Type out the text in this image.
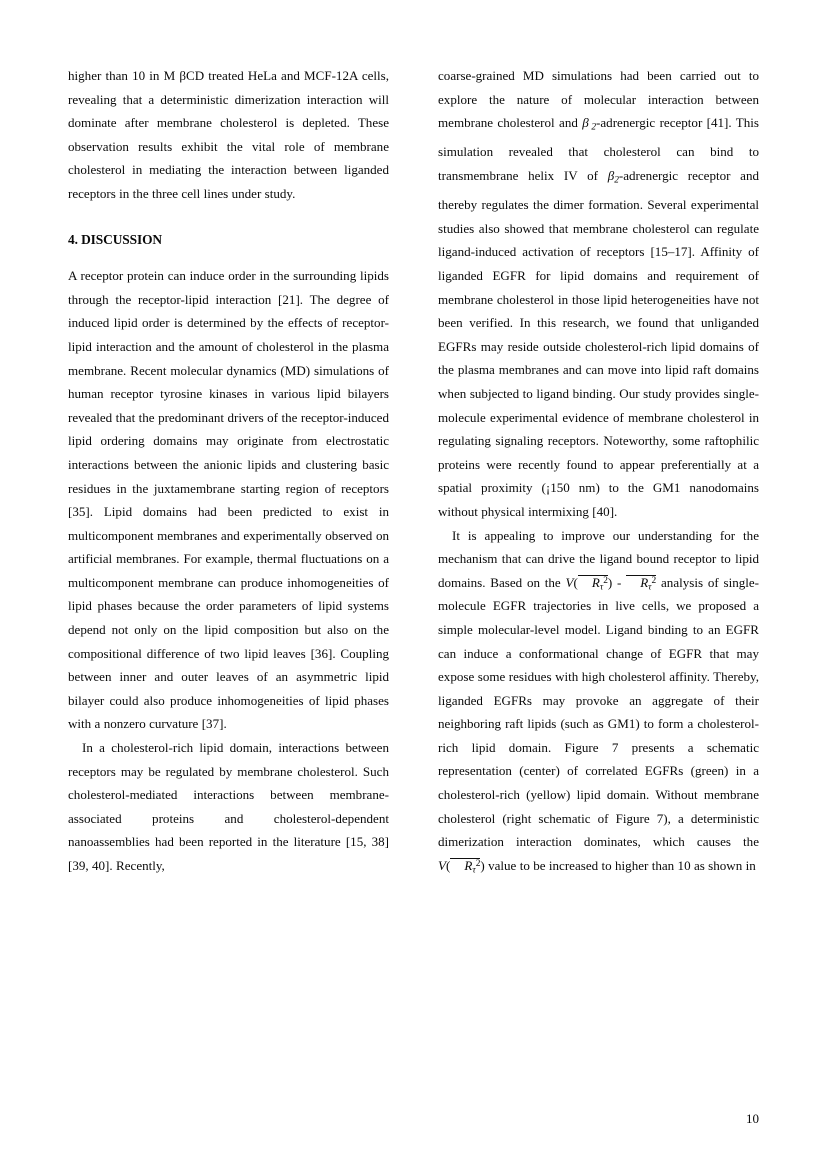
higher than 10 in M βCD treated HeLa and MCF-12A cells, revealing that a deterministic dimerization interaction will dominate after membrane cholesterol is depleted. These observation results exhibit the vital role of membrane cholesterol in mediating the interaction between liganded receptors in the three cell lines under study.

4. DISCUSSION

A receptor protein can induce order in the surrounding lipids through the receptor-lipid interaction [21]. The degree of induced lipid order is determined by the effects of receptor-lipid interaction and the amount of cholesterol in the plasma membrane. Recent molecular dynamics (MD) simulations of human receptor tyrosine kinases in various lipid bilayers revealed that the predominant drivers of the receptor-induced lipid ordering domains may originate from electrostatic interactions between the anionic lipids and clustering basic residues in the juxtamembrane starting region of receptors [35]. Lipid domains had been predicted to exist in multicomponent membranes and experimentally observed on artificial membranes. For example, thermal fluctuations on a multicomponent membrane can produce inhomogeneities of lipid phases because the order parameters of lipid systems depend not only on the lipid composition but also on the compositional difference of two lipid leaves [36]. Coupling between inner and outer leaves of an asymmetric lipid bilayer could also produce inhomogeneities of lipid phases with a nonzero curvature [37].

In a cholesterol-rich lipid domain, interactions between receptors may be regulated by membrane cholesterol. Such cholesterol-mediated interactions between membrane-associated proteins and cholesterol-dependent nanoassemblies had been reported in the literature [15, 38] [39, 40]. Recently,

coarse-grained MD simulations had been carried out to explore the nature of molecular interaction between membrane cholesterol and β  $_2$-adrenergic receptor [41]. This simulation revealed that cholesterol can bind to transmembrane helix IV of $\beta_2$-adrenergic receptor and thereby regulates the dimer formation. Several experimental studies also showed that membrane cholesterol can regulate ligand-induced activation of receptors [15–17]. Affinity of liganded EGFR for lipid domains and requirement of membrane cholesterol in those lipid heterogeneities have not been verified. In this research, we found that unliganded EGFRs may reside outside cholesterol-rich lipid domains of the plasma membranes and can move into lipid raft domains when subjected to ligand binding. Our study provides single-molecule experimental evidence of membrane cholesterol in regulating signaling receptors. Noteworthy, some raftophilic proteins were recently found to appear preferentially at a spatial proximity (¡150 nm) to the GM1 nanodomains without physical intermixing [40].

It is appealing to improve our understanding for the mechanism that can drive the ligand bound receptor to lipid domains. Based on the V( $R_\tau^2) - R_\tau^2$ analysis of single-molecule EGFR trajectories in live cells, we proposed a simple molecular-level model. Ligand binding to an EGFR can induce a conformational change of EGFR that may expose some residues with high cholesterol affinity. Thereby, liganded EGFRs may provoke an aggregate of their neighboring raft lipids (such as GM1) to form a cholesterol-rich lipid domain. Figure 7 presents a schematic representation (center) of correlated EGFRs (green) in a cholesterol-rich (yellow) lipid domain. Without membrane cholesterol (right schematic of Figure 7), a deterministic dimerization interaction dominates, which causes the V( $R_\tau^2$) value to be increased to higher than 10 as shown in

10
